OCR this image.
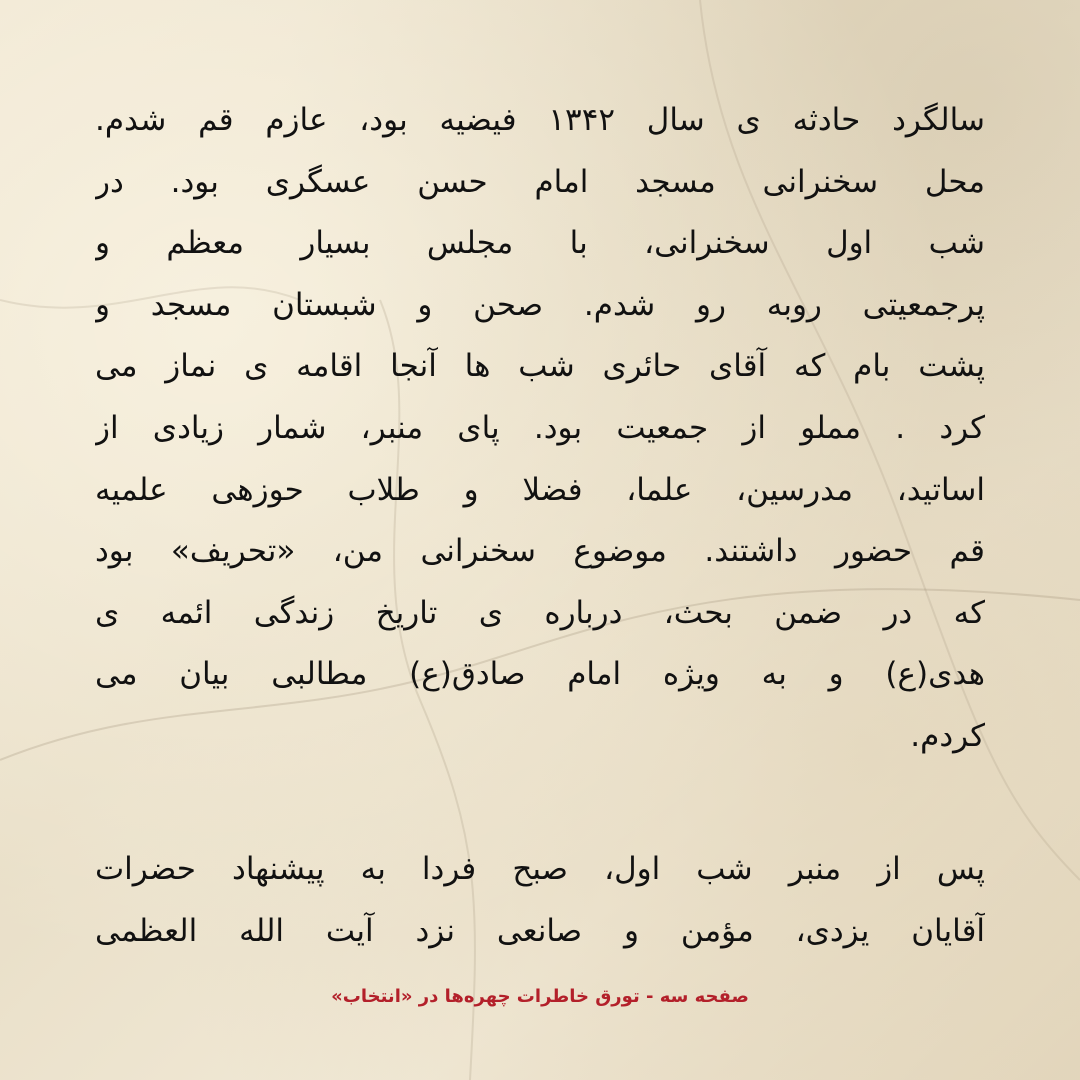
سالگرد حادثه ی سال ۱۳۴۲ فیضیه بود، عازم قم شدم.
محل سخنرانی مسجد امام حسن عسگری بود. در
شب اول سخنرانی، با مجلس بسیار معظم و
پرجمعیتی روبه رو شدم. صحن و شبستان مسجد و
پشت بام که آقای حائری شب ها آنجا اقامه ی نماز می
کرد . مملو از جمعیت بود. پای منبر، شمار زیادی از
اساتید، مدرسین، علما، فضلا و طلاب حوزهی علمیه
قم حضور داشتند. موضوع سخنرانی من، «تحریف» بود
که در ضمن بحث، درباره ی تاریخ زندگی ائمه ی
هدی(ع) و به ویژه امام صادق(ع) مطالبی بیان می
کردم.
پس از منبر شب اول، صبح فردا به پیشنهاد حضرات
آقایان یزدی، مؤمن و صانعی نزد آیت الله العظمی
صفحه سه - تورق خاطرات چهره‌ها در «انتخاب»
